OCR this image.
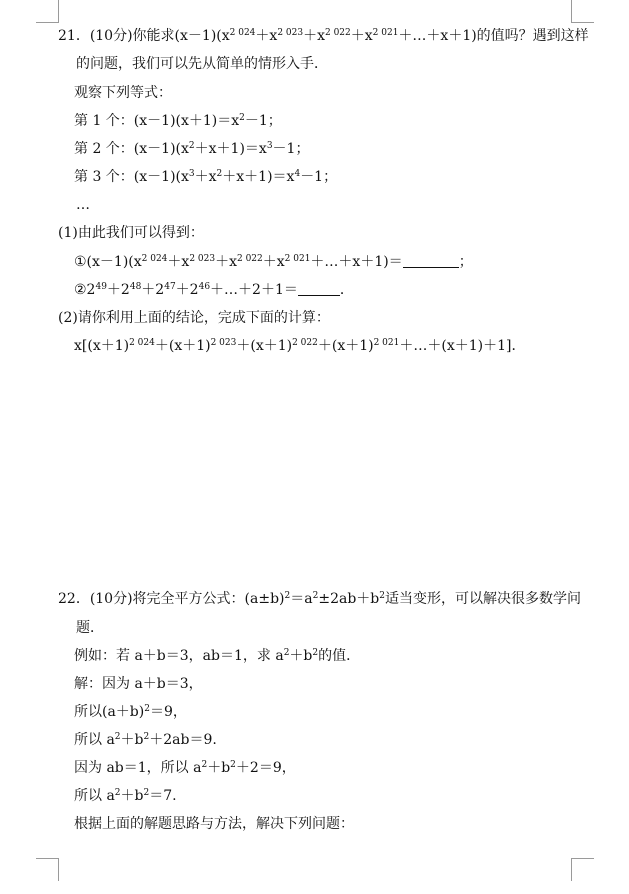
21．(10分)你能求$(x-1)(x^{2 024}+x^{2 023}+x^{2 022}+x^{2 021}+\dots+x+1)$的值吗？遇到这样
的问题，我们可以先从简单的情形入手．
观察下列等式：
第 1 个：$(x-1)(x+1)=x^2-1$；
第 2 个：$(x-1)(x^2+x+1)=x^3-1$；
第 3 个：$(x-1)(x^3+x^2+x+1)=x^4-1$；
…
(1)由此我们可以得到：
$①(x-1)(x^{2 024}+x^{2 023}+x^{2 022}+x^{2 021}+\dots+x+1)=$	；
$②2^{49}+2^{48}+2^{47}+2^{46}+\dots+2+1=$	．
(2)请你利用上面的结论，完成下面的计算：
$x[(x+1)^{2 024}+(x+1)^{2 023}+(x+1)^{2 022}+(x+1)^{2 021}+\dots+(x+1)+1]$．
22．(10分)将完全平方公式：$(a\pm b)^2=a^2\pm 2ab+b^2$适当变形，可以解决很多数学问
题．
例如：若 a＋b＝3，ab＝1，求 $a^2+b^2$的值．
解：因为 a＋b＝3，
所以$(a+b)^2=9$，
所以 $a^2+b^2+2ab=9$.
因为 ab＝1，所以 $a^2+b^2+2=9$，
所以 $a^2+b^2=7$.
根据上面的解题思路与方法，解决下列问题：
